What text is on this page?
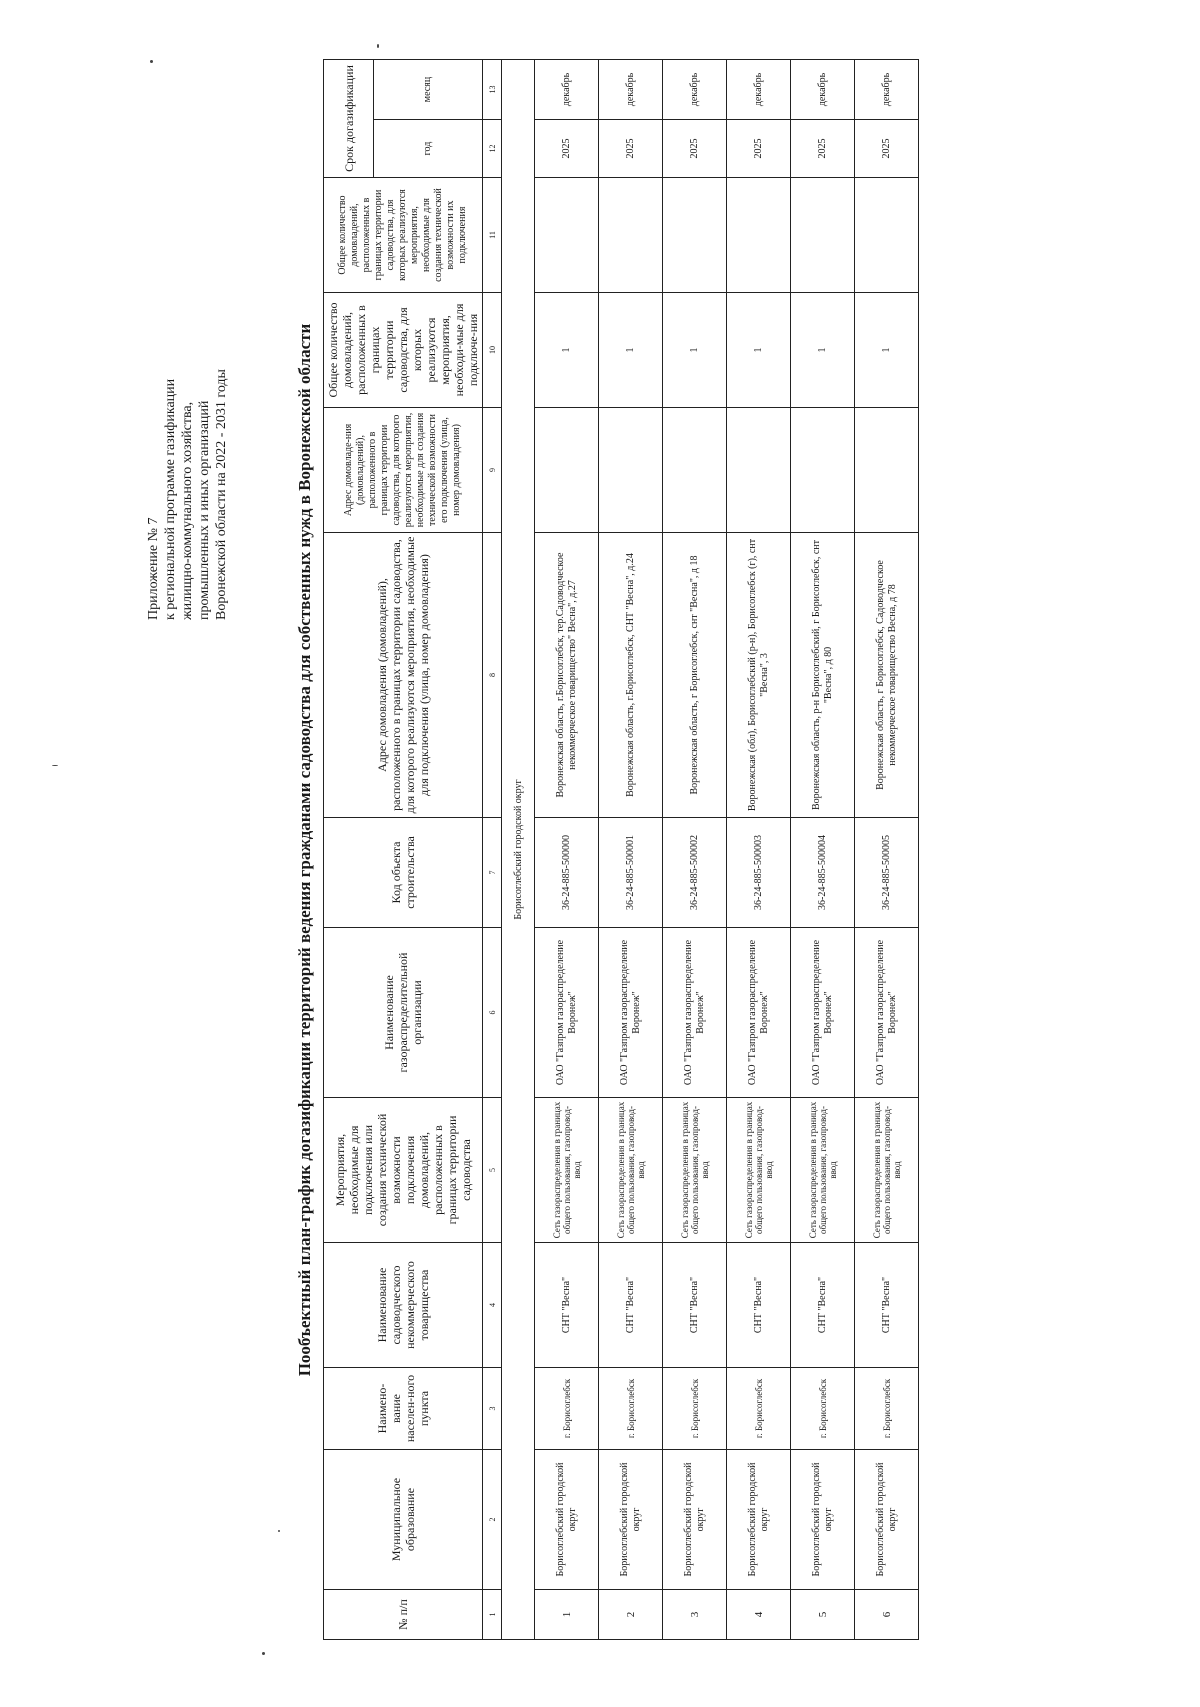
Приложение № 7 к региональной программе газификации жилищно-коммунального хозяйства, промышленных и иных организаций Воронежской области на 2022 - 2031 годы	Пообъектный план-график догазификации территорий ведения гражданами садоводства для собственных нужд в Воронежской области
№ п/п	Муниципальное образование	Наимено-вание населен-ного пункта	Наименование садоводческого некоммерческого товарищества	Мероприятия, необходимые для подключения или создания технической возможности подключения домовладений, расположенных в границах территории садоводства	Наименование газораспределительной организации	Код объекта строительства	Адрес домовладения (домовладений), расположенного в границах территории садоводства, для которого реализуются мероприятия, необходимые для подключения (улица, номер домовладения)	Адрес домовладе-ния (домовладений), расположенного в границах территории садоводства, для которого реализуются мероприятия, необходимые для создания технической возможности его подключения (улица, номер домовладения)	Общее количество домовладений, расположенных в границах территории садоводства, для которых реализуются мероприятия, необходи-мые для подключе-ния	Общее количество домовладений, расположенных в границах территории садоводства, для которых реализуются мероприятия, необходимые для создания технической возможности их подключения	Срок догазификации	
											год	месяц
1	2	3	4	5	6	7	8	9	10	11	12	13
Борисоглебский городской округ												
1	Борисоглебский городской округ	г. Борисоглебск	СНТ "Весна"	Сеть газораспределения в границах общего пользования, газопровод-ввод	ОАО "Газпром газораспределение Воронеж"	36-24-885-500000	Воронежская область, г.Борисоглебск, тер.Садоводческое некоммерческое товарищество" Весна", д.27		1		2025	декабрь
2	Борисоглебский городской округ	г. Борисоглебск	СНТ "Весна"	Сеть газораспределения в границах общего пользования, газопровод-ввод	ОАО "Газпром газораспределение Воронеж"	36-24-885-500001	Воронежская область, г.Борисоглебск, СНТ "Весна", д.24		1		2025	декабрь
3	Борисоглебский городской округ	г. Борисоглебск	СНТ "Весна"	Сеть газораспределения в границах общего пользования, газопровод-ввод	ОАО "Газпром газораспределение Воронеж"	36-24-885-500002	Воронежская область, г Борисоглебск, снт "Весна", д 18		1		2025	декабрь
4	Борисоглебский городской округ	г. Борисоглебск	СНТ "Весна"	Сеть газораспределения в границах общего пользования, газопровод-ввод	ОАО "Газпром газораспределение Воронеж"	36-24-885-500003	Воронежская (обл), Борисоглебский (р-н), Борисоглебск (г), снт "Весна", 3		1		2025	декабрь
5	Борисоглебский городской округ	г. Борисоглебск	СНТ "Весна"	Сеть газораспределения в границах общего пользования, газопровод-ввод	ОАО "Газпром газораспределение Воронеж"	36-24-885-500004	Воронежская область, р-н Борисоглебский, г Борисоглебск, снт "Весна", д 80		1		2025	декабрь
6	Борисоглебский городской округ	г. Борисоглебск	СНТ "Весна"	Сеть газораспределения в границах общего пользования, газопровод-ввод	ОАО "Газпром газораспределение Воронеж"	36-24-885-500005	Воронежская область, г Борисоглебск, Садоводческое некоммерческое товарищество Весна, д 78		1		2025	декабрь
